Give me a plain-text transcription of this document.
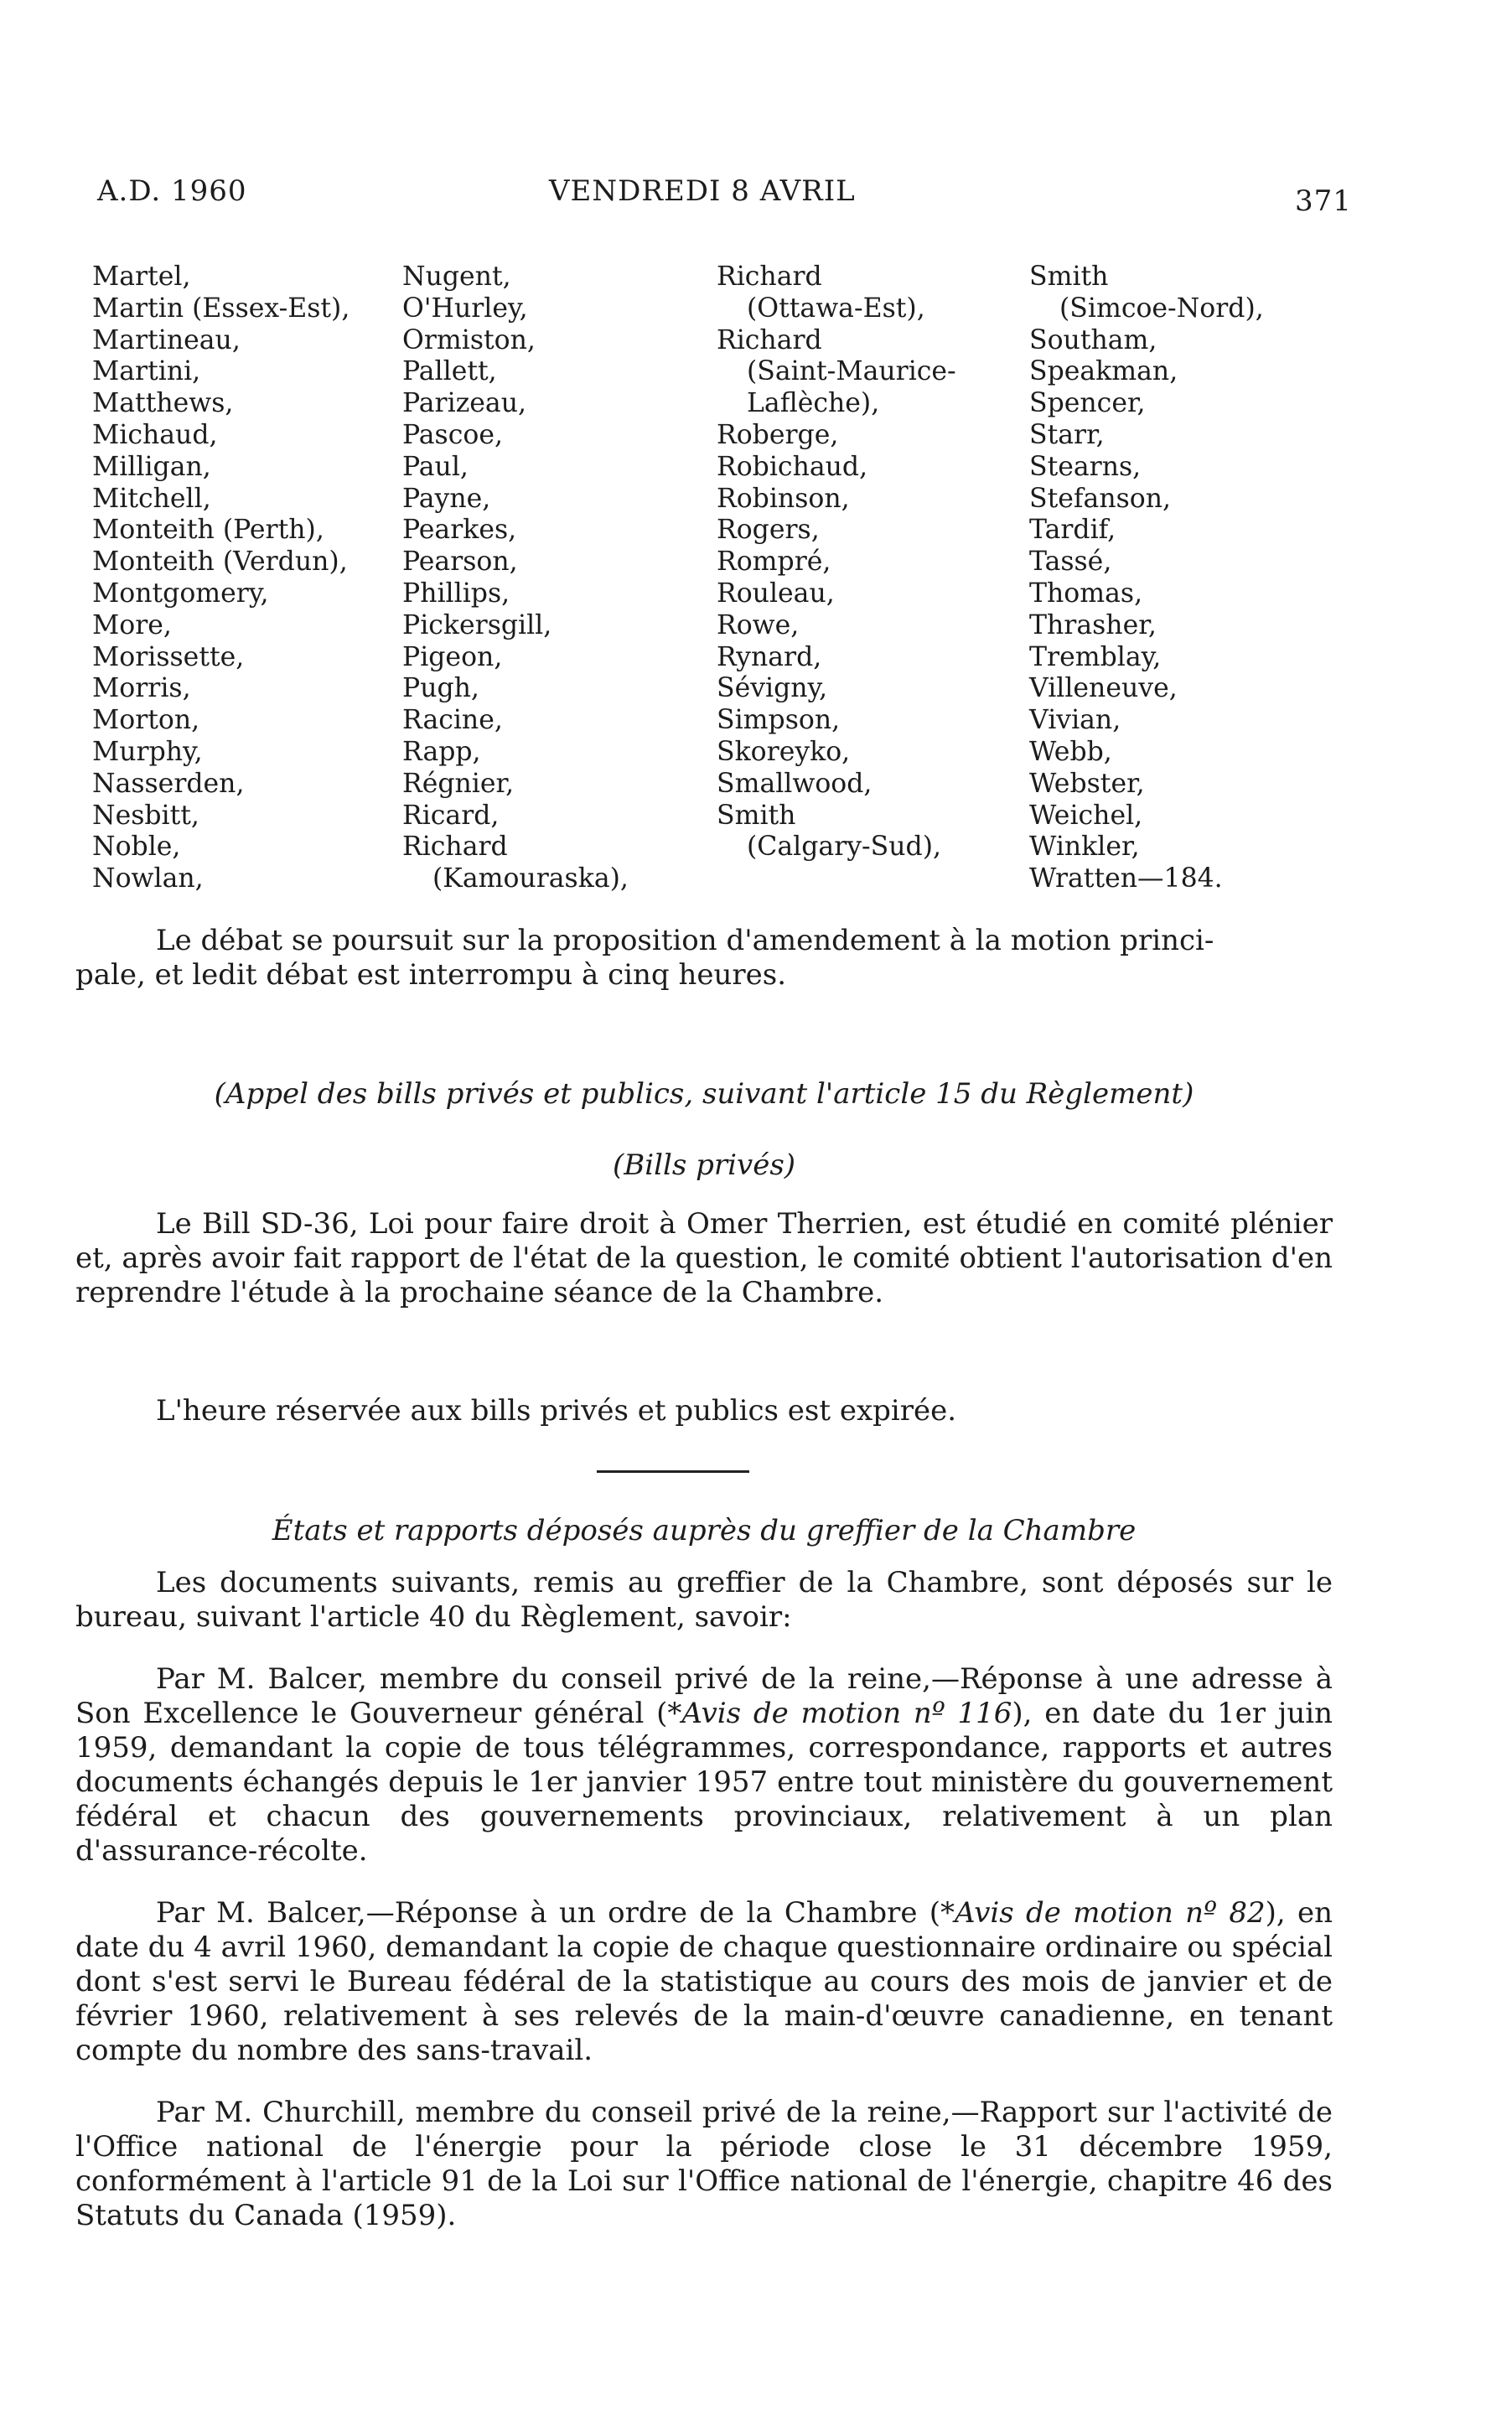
A.D. 1960	VENDREDI 8 AVRIL	371
Martel,
Martin (Essex-Est),
Martineau,
Martini,
Matthews,
Michaud,
Milligan,
Mitchell,
Monteith (Perth),
Monteith (Verdun),
Montgomery,
More,
Morissette,
Morris,
Morton,
Murphy,
Nasserden,
Nesbitt,
Noble,
Nowlan,
Nugent,
O'Hurley,
Ormiston,
Pallett,
Parizeau,
Pascoe,
Paul,
Payne,
Pearkes,
Pearson,
Phillips,
Pickersgill,
Pigeon,
Pugh,
Racine,
Rapp,
Régnier,
Ricard,
Richard
(Kamouraska),
Richard
(Ottawa-Est),
Richard
(Saint-Maurice-
Laflèche),
Roberge,
Robichaud,
Robinson,
Rogers,
Rompré,
Rouleau,
Rowe,
Rynard,
Sévigny,
Simpson,
Skoreyko,
Smallwood,
Smith
(Calgary-Sud),
Smith
(Simcoe-Nord),
Southam,
Speakman,
Spencer,
Starr,
Stearns,
Stefanson,
Tardif,
Tassé,
Thomas,
Thrasher,
Tremblay,
Villeneuve,
Vivian,
Webb,
Webster,
Weichel,
Winkler,
Wratten—184.

Le débat se poursuit sur la proposition d'amendement à la motion princi-
pale, et ledit débat est interrompu à cinq heures.

(Appel des bills privés et publics, suivant l'article 15 du Règlement)

(Bills privés)

Le Bill SD-36, Loi pour faire droit à Omer Therrien, est étudié en comité plénier et, après avoir fait rapport de l'état de la question, le comité obtient l'autorisation d'en reprendre l'étude à la prochaine séance de la Chambre.

L'heure réservée aux bills privés et publics est expirée.

États et rapports déposés auprès du greffier de la Chambre

Les documents suivants, remis au greffier de la Chambre, sont déposés sur le bureau, suivant l'article 40 du Règlement, savoir:

Par M. Balcer, membre du conseil privé de la reine,—Réponse à une adresse à Son Excellence le Gouverneur général (*Avis de motion nº 116), en date du 1er juin 1959, demandant la copie de tous télégrammes, correspondance, rapports et autres documents échangés depuis le 1er janvier 1957 entre tout ministère du gouvernement fédéral et chacun des gouvernements provinciaux, relativement à un plan d'assurance-récolte.

Par M. Balcer,—Réponse à un ordre de la Chambre (*Avis de motion nº 82), en date du 4 avril 1960, demandant la copie de chaque questionnaire ordinaire ou spécial dont s'est servi le Bureau fédéral de la statistique au cours des mois de janvier et de février 1960, relativement à ses relevés de la main-d'œuvre canadienne, en tenant compte du nombre des sans-travail.

Par M. Churchill, membre du conseil privé de la reine,—Rapport sur l'activité de l'Office national de l'énergie pour la période close le 31 décembre 1959, conformément à l'article 91 de la Loi sur l'Office national de l'énergie, chapitre 46 des Statuts du Canada (1959).
